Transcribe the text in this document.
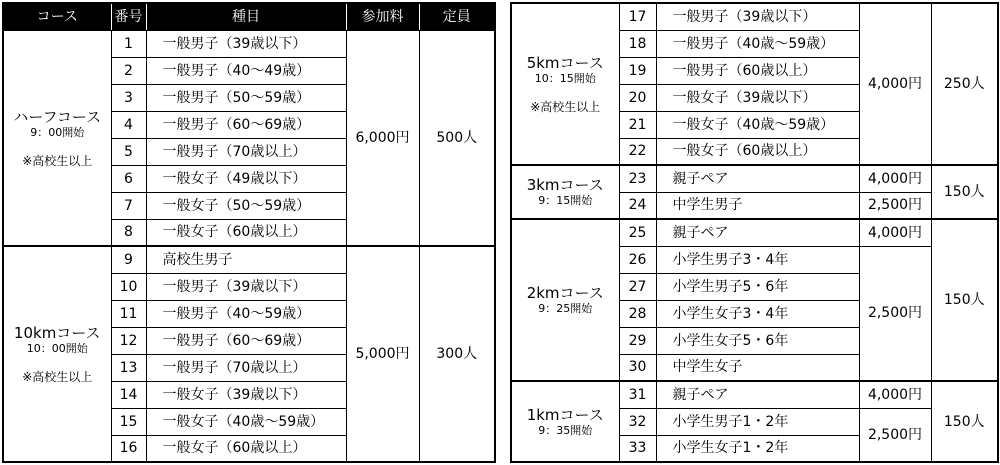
コース	番号	種目	参加料	定員

ハーフコース
9：00開始
※高校生以上	1	一般男子（39歳以下）	6,000円	500人
	2	一般男子（40～49歳）		
	3	一般男子（50～59歳）		
	4	一般男子（60～69歳）		
	5	一般男子（70歳以上）		
	6	一般女子（49歳以下）		
	7	一般女子（50～59歳）		
	8	一般女子（60歳以上）		

10kmコース
10：00開始
※高校生以上	9	高校生男子	5,000円	300人
	10	一般男子（39歳以下）		
	11	一般男子（40～59歳）		
	12	一般男子（60～69歳）		
	13	一般男子（70歳以上）		
	14	一般女子（39歳以下）		
	15	一般女子（40歳～59歳）		
	16	一般女子（60歳以上）		
5kmコース
10：15開始
※高校生以上	17	一般男子（39歳以下）	4,000円	250人
	18	一般男子（40歳～59歳）		
	19	一般男子（60歳以上）		
	20	一般女子（39歳以下）		
	21	一般女子（40歳～59歳）		
	22	一般女子（60歳以上）		

3kmコース
9：15開始	23	親子ペア	4,000円	150人
	24	中学生男子	2,500円	

2kmコース
9：25開始	25	親子ペア	4,000円	150人
	26	小学生男子3・4年	2,500円	
	27	小学生男子5・6年		
	28	小学生女子3・4年		
	29	小学生女子5・6年		
	30	中学生女子		

1kmコース
9：35開始	31	親子ペア	4,000円	150人
	32	小学生男子1・2年	2,500円	
	33	小学生女子1・2年		
